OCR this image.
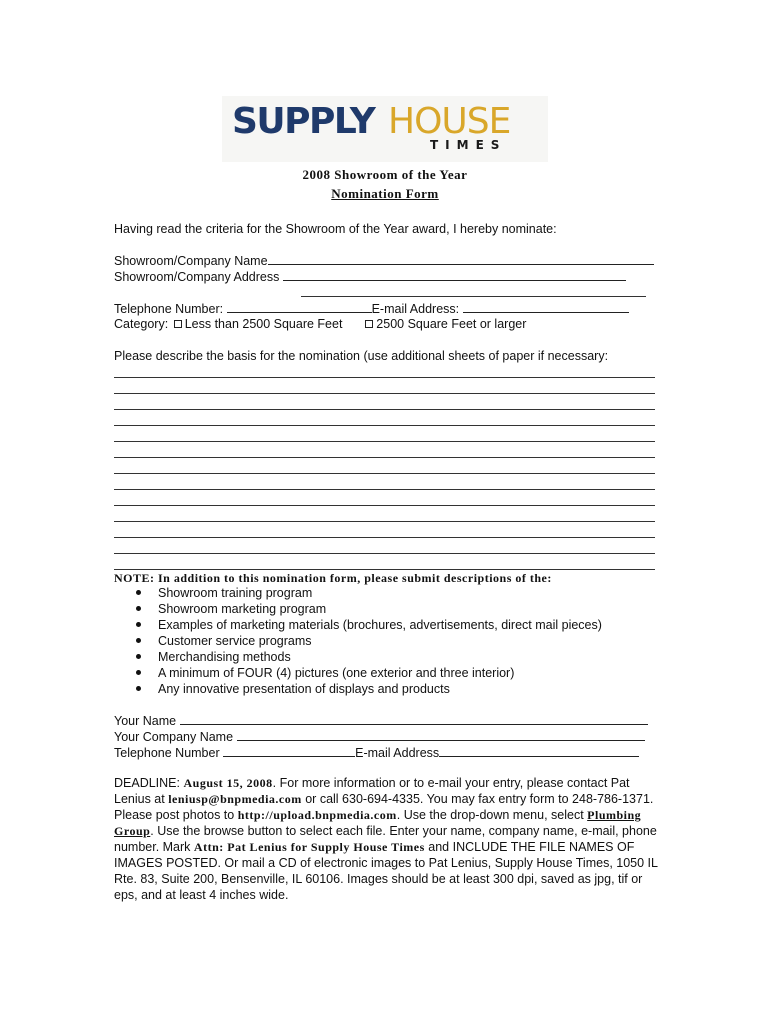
SUPPLY HOUSE
TIMES
2008 Showroom of the Year
Nomination Form
Having read the criteria for the Showroom of the Year award, I hereby nominate:
Showroom/Company Name
Showroom/Company Address
Telephone Number:	E-mail Address:
Category: Less than 2500 Square Feet	2500 Square Feet or larger
Please describe the basis for the nomination (use additional sheets of paper if necessary:
NOTE: In addition to this nomination form, please submit descriptions of the:
Showroom training program
Showroom marketing program
Examples of marketing materials (brochures, advertisements, direct mail pieces)
Customer service programs
Merchandising methods
A minimum of FOUR (4) pictures (one exterior and three interior)
Any innovative presentation of displays and products
Your Name
Your Company Name
Telephone Number	E-mail Address
DEADLINE: August 15, 2008. For more information or to e-mail your entry, please contact Pat Lenius at leniusp@bnpmedia.com or call 630-694-4335. You may fax entry form to 248-786-1371. Please post photos to http://upload.bnpmedia.com. Use the drop-down menu, select Plumbing Group. Use the browse button to select each file. Enter your name, company name, e-mail, phone number. Mark Attn: Pat Lenius for Supply House Times and INCLUDE THE FILE NAMES OF IMAGES POSTED. Or mail a CD of electronic images to Pat Lenius, Supply House Times, 1050 IL Rte. 83, Suite 200, Bensenville, IL 60106. Images should be at least 300 dpi, saved as jpg, tif or eps, and at least 4 inches wide.
